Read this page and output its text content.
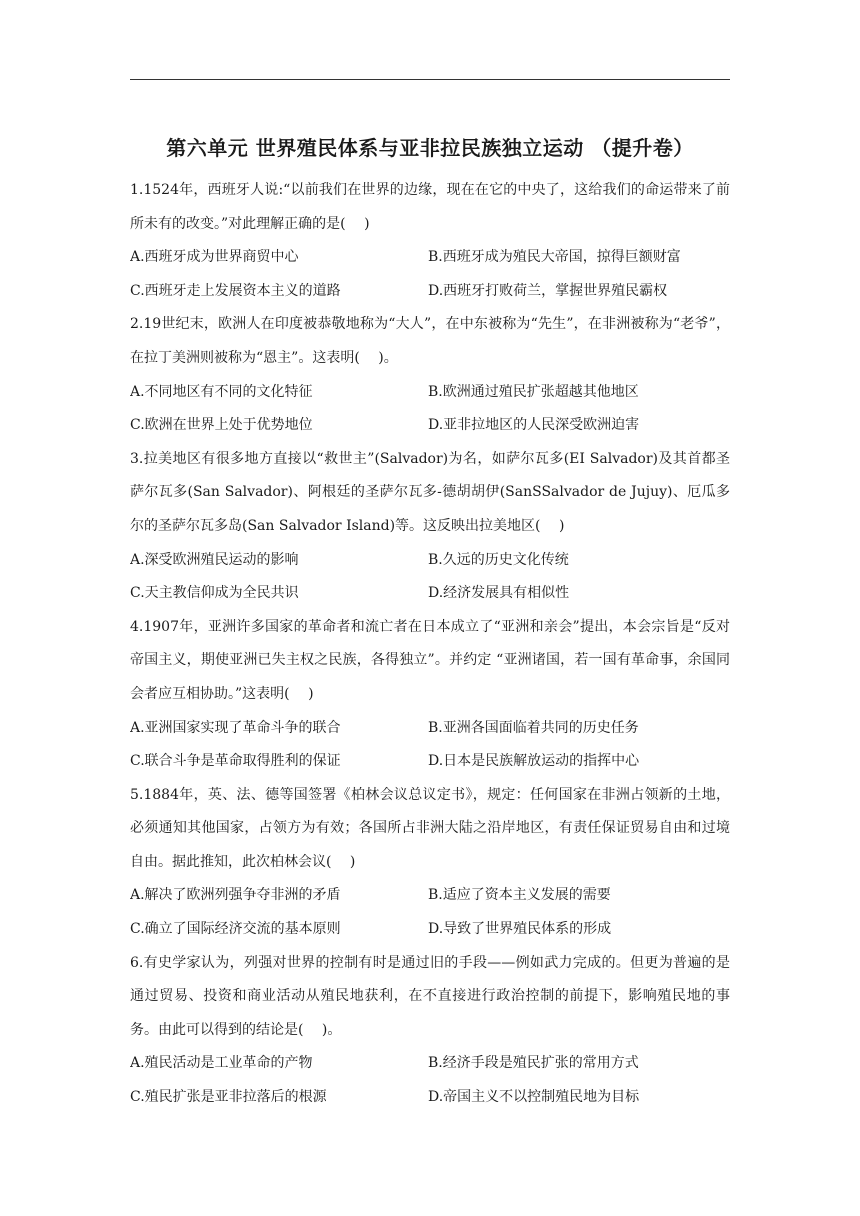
第六单元 世界殖民体系与亚非拉民族独立运动 （提升卷）

1.1524年，西班牙人说:“以前我们在世界的边缘，现在在它的中央了，这给我们的命运带来了前所未有的改变。”对此理解正确的是(　 )

A.西班牙成为世界商贸中心	B.西班牙成为殖民大帝国，掠得巨额财富
C.西班牙走上发展资本主义的道路	D.西班牙打败荷兰，掌握世界殖民霸权

2.19世纪末，欧洲人在印度被恭敬地称为“大人”，在中东被称为“先生”，在非洲被称为“老爷”，在拉丁美洲则被称为“恩主”。这表明(　 )。

A.不同地区有不同的文化特征	B.欧洲通过殖民扩张超越其他地区
C.欧洲在世界上处于优势地位	D.亚非拉地区的人民深受欧洲迫害

3.拉美地区有很多地方直接以“救世主”(Salvador)为名，如萨尔瓦多(EI Salvador)及其首都圣萨尔瓦多(San Salvador)、阿根廷的圣萨尔瓦多-德胡胡伊(SanSSalvador de Jujuy)、厄瓜多尔的圣萨尔瓦多岛(San Salvador Island)等。这反映出拉美地区(　 )

A.深受欧洲殖民运动的影响	B.久远的历史文化传统
C.天主教信仰成为全民共识	D.经济发展具有相似性

4.1907年，亚洲许多国家的革命者和流亡者在日本成立了“亚洲和亲会”提出，本会宗旨是“反对帝国主义，期使亚洲已失主权之民族，各得独立”。并约定 “亚洲诸国，若一国有革命事，余国同会者应互相协助。”这表明(　 )

A.亚洲国家实现了革命斗争的联合	B.亚洲各国面临着共同的历史任务
C.联合斗争是革命取得胜利的保证	D.日本是民族解放运动的指挥中心

5.1884年，英、法、德等国签署《柏林会议总议定书》，规定：任何国家在非洲占领新的土地，必须通知其他国家，占领方为有效；各国所占非洲大陆之沿岸地区，有责任保证贸易自由和过境自由。据此推知，此次柏林会议(　 )

A.解决了欧洲列强争夺非洲的矛盾	B.适应了资本主义发展的需要
C.确立了国际经济交流的基本原则	D.导致了世界殖民体系的形成

6.有史学家认为，列强对世界的控制有时是通过旧的手段——例如武力完成的。但更为普遍的是通过贸易、投资和商业活动从殖民地获利，在不直接进行政治控制的前提下，影响殖民地的事务。由此可以得到的结论是(　 )。

A.殖民活动是工业革命的产物	B.经济手段是殖民扩张的常用方式
C.殖民扩张是亚非拉落后的根源	D.帝国主义不以控制殖民地为目标
